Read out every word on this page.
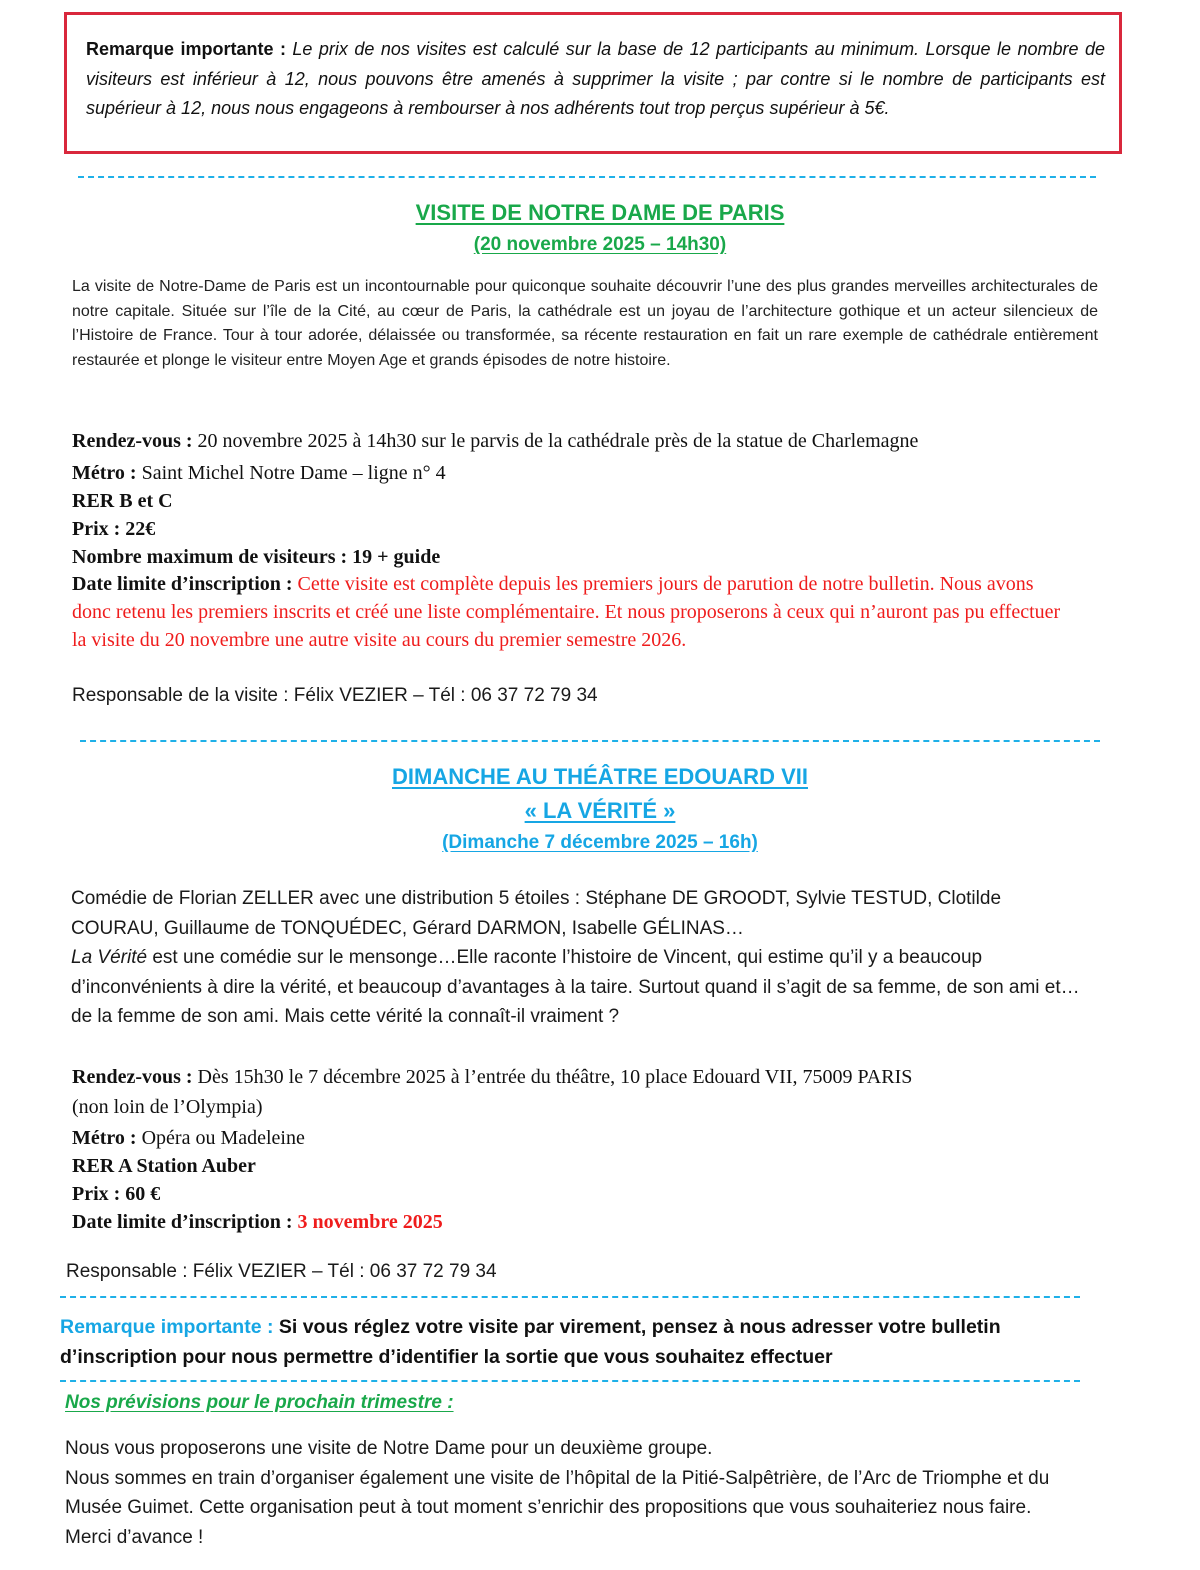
Remarque importante : Le prix de nos visites est calculé sur la base de 12 participants au minimum. Lorsque le nombre de visiteurs est inférieur à 12, nous pouvons être amenés à supprimer la visite ; par contre si le nombre de participants est supérieur à 12, nous nous engageons à rembourser à nos adhérents tout trop perçus supérieur à 5€.
VISITE DE NOTRE DAME DE PARIS
(20 novembre 2025 – 14h30)
La visite de Notre-Dame de Paris est un incontournable pour quiconque souhaite découvrir l’une des plus grandes merveilles architecturales de notre capitale. Située sur l’île de la Cité, au cœur de Paris, la cathédrale est un joyau de l’architecture gothique et un acteur silencieux de l’Histoire de France. Tour à tour adorée, délaissée ou transformée, sa récente restauration en fait un rare exemple de cathédrale entièrement restaurée et plonge le visiteur entre Moyen Age et grands épisodes de notre histoire.
Rendez-vous : 20 novembre 2025 à 14h30 sur le parvis de la cathédrale près de la statue de Charlemagne
Métro : Saint Michel Notre Dame – ligne n° 4
RER B et C
Prix : 22€
Nombre maximum de visiteurs : 19 + guide
Date limite d’inscription : Cette visite est complète depuis les premiers jours de parution de notre bulletin. Nous avons donc retenu les premiers inscrits et créé une liste complémentaire. Et nous proposerons à ceux qui n’auront pas pu effectuer la visite du 20 novembre une autre visite au cours du premier semestre 2026.
Responsable de la visite : Félix VEZIER – Tél : 06 37 72 79 34
DIMANCHE AU THÉÂTRE EDOUARD VII
« LA VÉRITÉ »
(Dimanche 7 décembre 2025 – 16h)
Comédie de Florian ZELLER avec une distribution 5 étoiles : Stéphane DE GROODT, Sylvie TESTUD, Clotilde COURAU, Guillaume de TONQUÉDEC, Gérard DARMON, Isabelle GÉLINAS…
La Vérité est une comédie sur le mensonge…Elle raconte l’histoire de Vincent, qui estime qu’il y a beaucoup d’inconvénients à dire la vérité, et beaucoup d’avantages à la taire. Surtout quand il s’agit de sa femme, de son ami et…de la femme de son ami. Mais cette vérité la connaît-il vraiment ?
Rendez-vous : Dès 15h30 le 7 décembre 2025 à l’entrée du théâtre, 10 place Edouard VII, 75009 PARIS
(non loin de l’Olympia)
Métro : Opéra ou Madeleine
RER A Station Auber
Prix : 60 €
Date limite d’inscription : 3 novembre 2025
Responsable : Félix VEZIER – Tél : 06 37 72 79 34
Remarque importante : Si vous réglez votre visite par virement, pensez à nous adresser votre bulletin d’inscription pour nous permettre d’identifier la sortie que vous souhaitez effectuer
Nos prévisions pour le prochain trimestre :
Nous vous proposerons une visite de Notre Dame pour un deuxième groupe.
Nous sommes en train d’organiser également une visite de l’hôpital de la Pitié-Salpêtrière, de l’Arc de Triomphe et du Musée Guimet. Cette organisation peut à tout moment s’enrichir des propositions que vous souhaiteriez nous faire. Merci d’avance !
